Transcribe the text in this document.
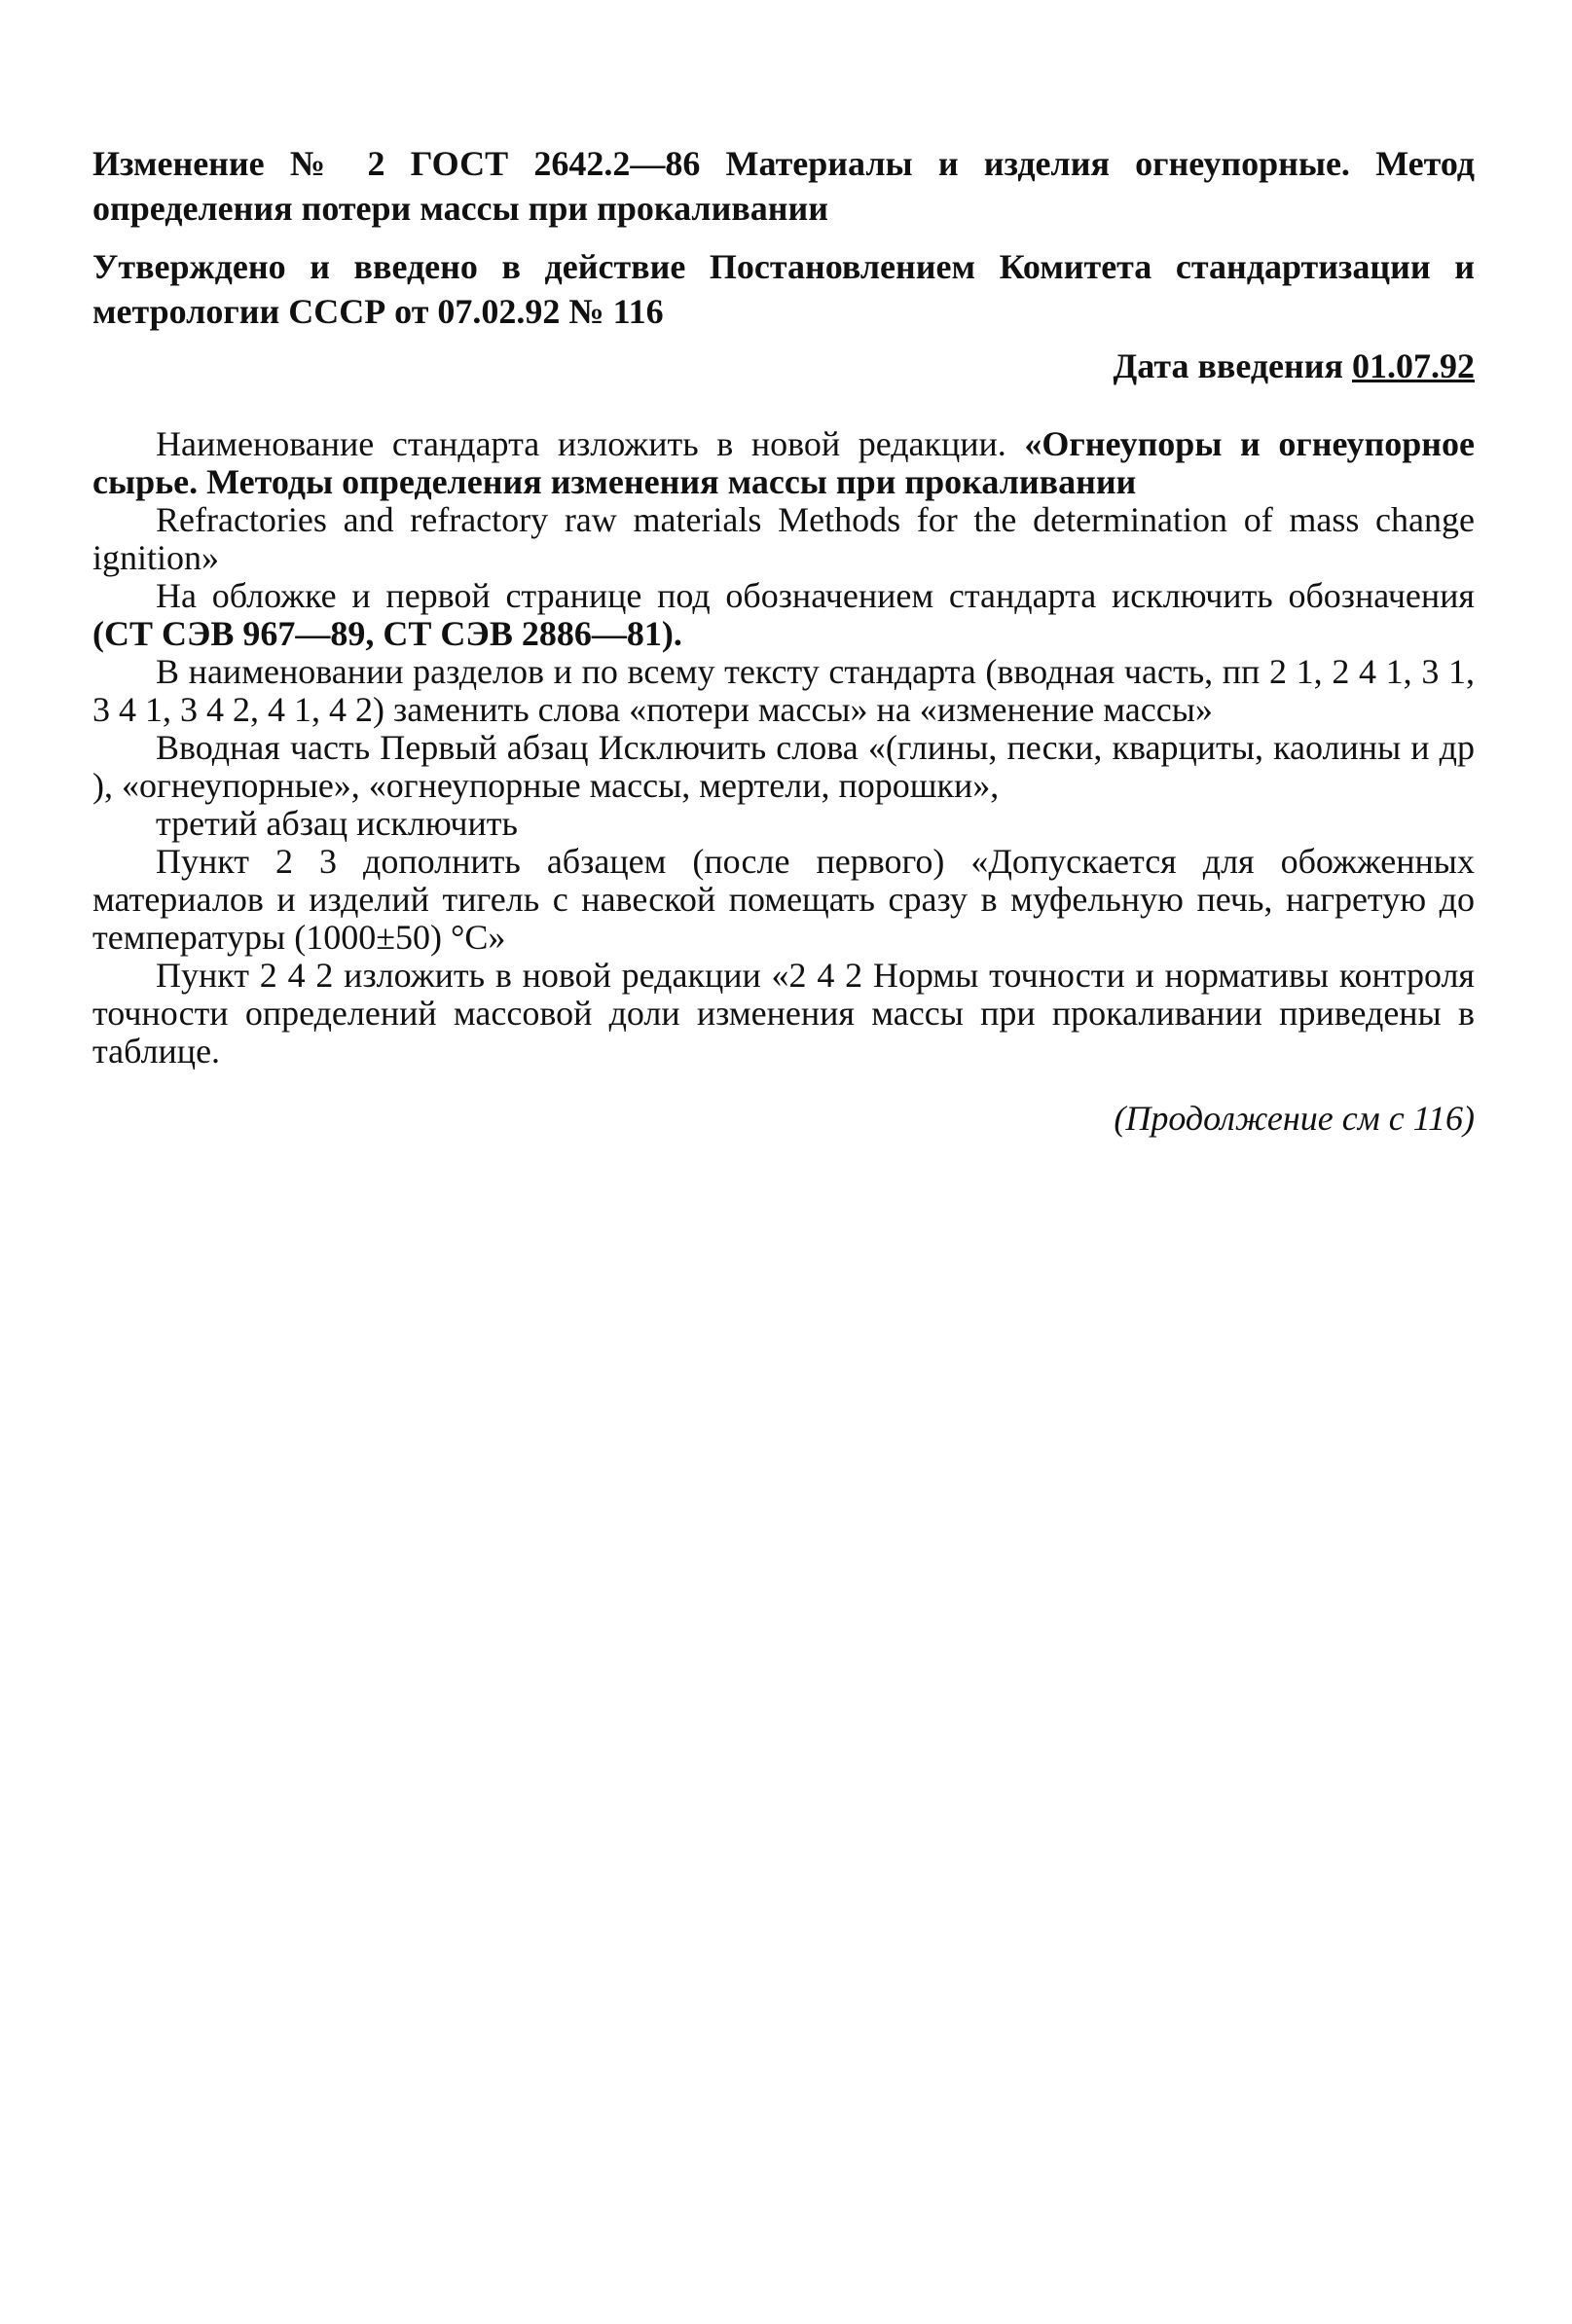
Изменение № 2 ГОСТ 2642.2—86 Материалы и изделия огнеупорные. Метод определения потери массы при прокаливании

Утверждено и введено в действие Постановлением Комитета стандартизации и метрологии СССР от 07.02.92 № 116

Дата введения 01.07.92

Наименование стандарта изложить в новой редакции. «Огнеупоры и огнеупорное сырье. Методы определения изменения массы при прокаливании

Refractories and refractory raw materials Methods for the determination of mass change ignition»

На обложке и первой странице под обозначением стандарта исключить обозначения (СТ СЭВ 967—89, СТ СЭВ 2886—81).

В наименовании разделов и по всему тексту стандарта (вводная часть, пп 2 1, 2 4 1, 3 1, 3 4 1, 3 4 2, 4 1, 4 2) заменить слова «потери массы» на «изменение массы»

Вводная часть Первый абзац Исключить слова «(глины, пески, кварциты, каолины и др ), «огнеупорные», «огнеупорные массы, мертели, порошки»,

третий абзац исключить

Пункт 2 3 дополнить абзацем (после первого) «Допускается для обожженных материалов и изделий тигель с навеской помещать сразу в муфельную печь, нагретую до температуры (1000±50) °С»

Пункт 2 4 2 изложить в новой редакции «2 4 2 Нормы точности и нормативы контроля точности определений массовой доли изменения массы при прокаливании приведены в таблице.

(Продолжение см с 116)
